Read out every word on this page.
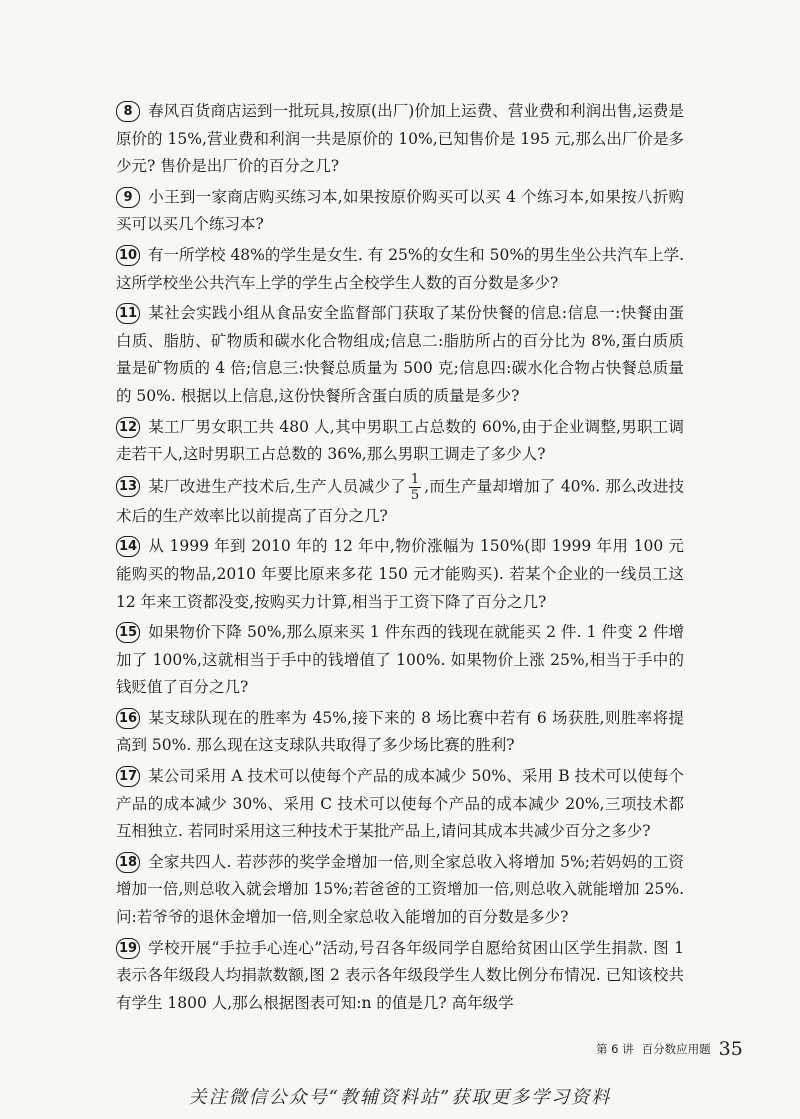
8 春风百货商店运到一批玩具,按原(出厂)价加上运费、营业费和利润出售,运费是原价的 15%,营业费和利润一共是原价的 10%,已知售价是 195 元,那么出厂价是多少元? 售价是出厂价的百分之几?
9 小王到一家商店购买练习本,如果按原价购买可以买 4 个练习本,如果按八折购买可以买几个练习本?
10 有一所学校 48%的学生是女生. 有 25%的女生和 50%的男生坐公共汽车上学. 这所学校坐公共汽车上学的学生占全校学生人数的百分数是多少?
11 某社会实践小组从食品安全监督部门获取了某份快餐的信息:信息一:快餐由蛋白质、脂肪、矿物质和碳水化合物组成;信息二:脂肪所占的百分比为 8%,蛋白质质量是矿物质的 4 倍;信息三:快餐总质量为 500 克;信息四:碳水化合物占快餐总质量的 50%. 根据以上信息,这份快餐所含蛋白质的质量是多少?
12 某工厂男女职工共 480 人,其中男职工占总数的 60%,由于企业调整,男职工调走若干人,这时男职工占总数的 36%,那么男职工调走了多少人?
13 某厂改进生产技术后,生产人员减少了 $\frac{1}{5}$ ,而生产量却增加了 40%. 那么改进技术后的生产效率比以前提高了百分之几?
14 从 1999 年到 2010 年的 12 年中,物价涨幅为 150%(即 1999 年用 100 元能购买的物品,2010 年要比原来多花 150 元才能购买). 若某个企业的一线员工这 12 年来工资都没变,按购买力计算,相当于工资下降了百分之几?
15 如果物价下降 50%,那么原来买 1 件东西的钱现在就能买 2 件. 1 件变 2 件增加了 100%,这就相当于手中的钱增值了 100%. 如果物价上涨 25%,相当于手中的钱贬值了百分之几?
16 某支球队现在的胜率为 45%,接下来的 8 场比赛中若有 6 场获胜,则胜率将提高到 50%. 那么现在这支球队共取得了多少场比赛的胜利?
17 某公司采用 A 技术可以使每个产品的成本减少 50%、采用 B 技术可以使每个产品的成本减少 30%、采用 C 技术可以使每个产品的成本减少 20%,三项技术都互相独立. 若同时采用这三种技术于某批产品上,请问其成本共减少百分之多少?
18 全家共四人. 若莎莎的奖学金增加一倍,则全家总收入将增加 5%;若妈妈的工资增加一倍,则总收入就会增加 15%;若爸爸的工资增加一倍,则总收入就能增加 25%. 问:若爷爷的退休金增加一倍,则全家总收入能增加的百分数是多少?
19 学校开展“手拉手心连心”活动,号召各年级同学自愿给贫困山区学生捐款. 图 1 表示各年级段人均捐款数额,图 2 表示各年级段学生人数比例分布情况. 已知该校共有学生 1800 人,那么根据图表可知:n 的值是几? 高年级学
第 6 讲 百分数应用题 35
关注微信公众号“教辅资料站”获取更多学习资料
